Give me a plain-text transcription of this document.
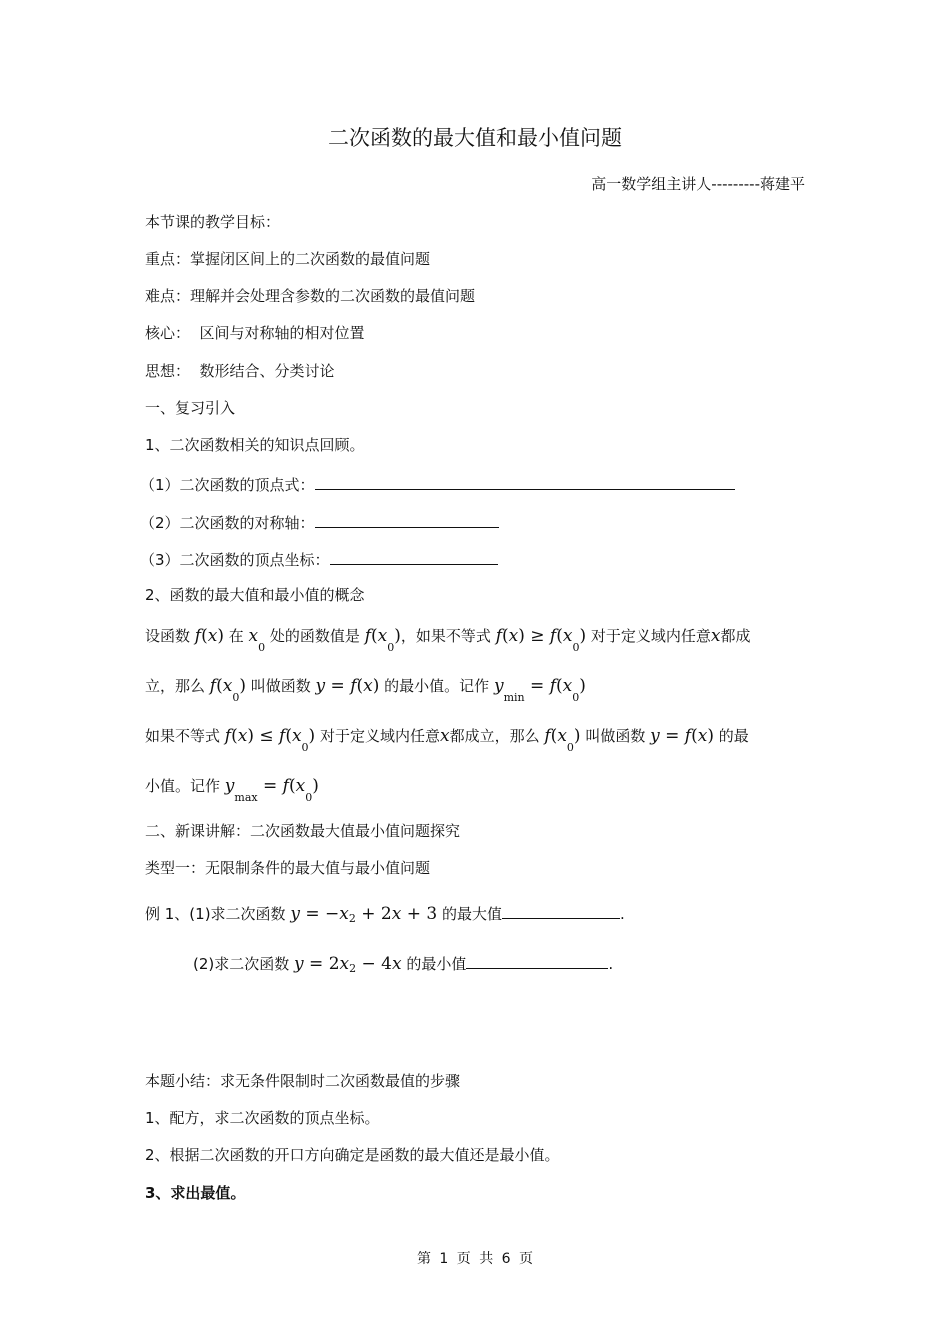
二次函数的最大值和最小值问题
高一数学组主讲人---------蒋建平
本节课的教学目标：
重点：掌握闭区间上的二次函数的最值问题
难点：理解并会处理含参数的二次函数的最值问题
核心：  区间与对称轴的相对位置
思想：  数形结合、分类讨论
一、复习引入
1、二次函数相关的知识点回顾。
（1）二次函数的顶点式：
（2）二次函数的对称轴：
（3）二次函数的顶点坐标：
2、函数的最大值和最小值的概念
设函数 f(x) 在 $x_0$ 处的函数值是 $f(x_0)$，如果不等式 $f(x) \ge f(x_0)$ 对于定义域内任意x都成
立，那么 $f(x_0)$ 叫做函数 y = f(x) 的最小值。记作 $y_{min} = f(x_0)$
如果不等式 $f(x) \le f(x_0)$ 对于定义域内任意x都成立，那么 $f(x_0)$ 叫做函数 y = f(x) 的最
小值。记作 $y_{max} = f(x_0)$
二、新课讲解：二次函数最大值最小值问题探究
类型一：无限制条件的最大值与最小值问题
例 1、(1)求二次函数 $y = -x_2 + 2x + 3$ 的最大值	.
(2)求二次函数 $y = 2x_2 - 4x$ 的最小值	.
本题小结：求无条件限制时二次函数最值的步骤
1、配方，求二次函数的顶点坐标。
2、根据二次函数的开口方向确定是函数的最大值还是最小值。
3、求出最值。
第 1 页 共 6 页
